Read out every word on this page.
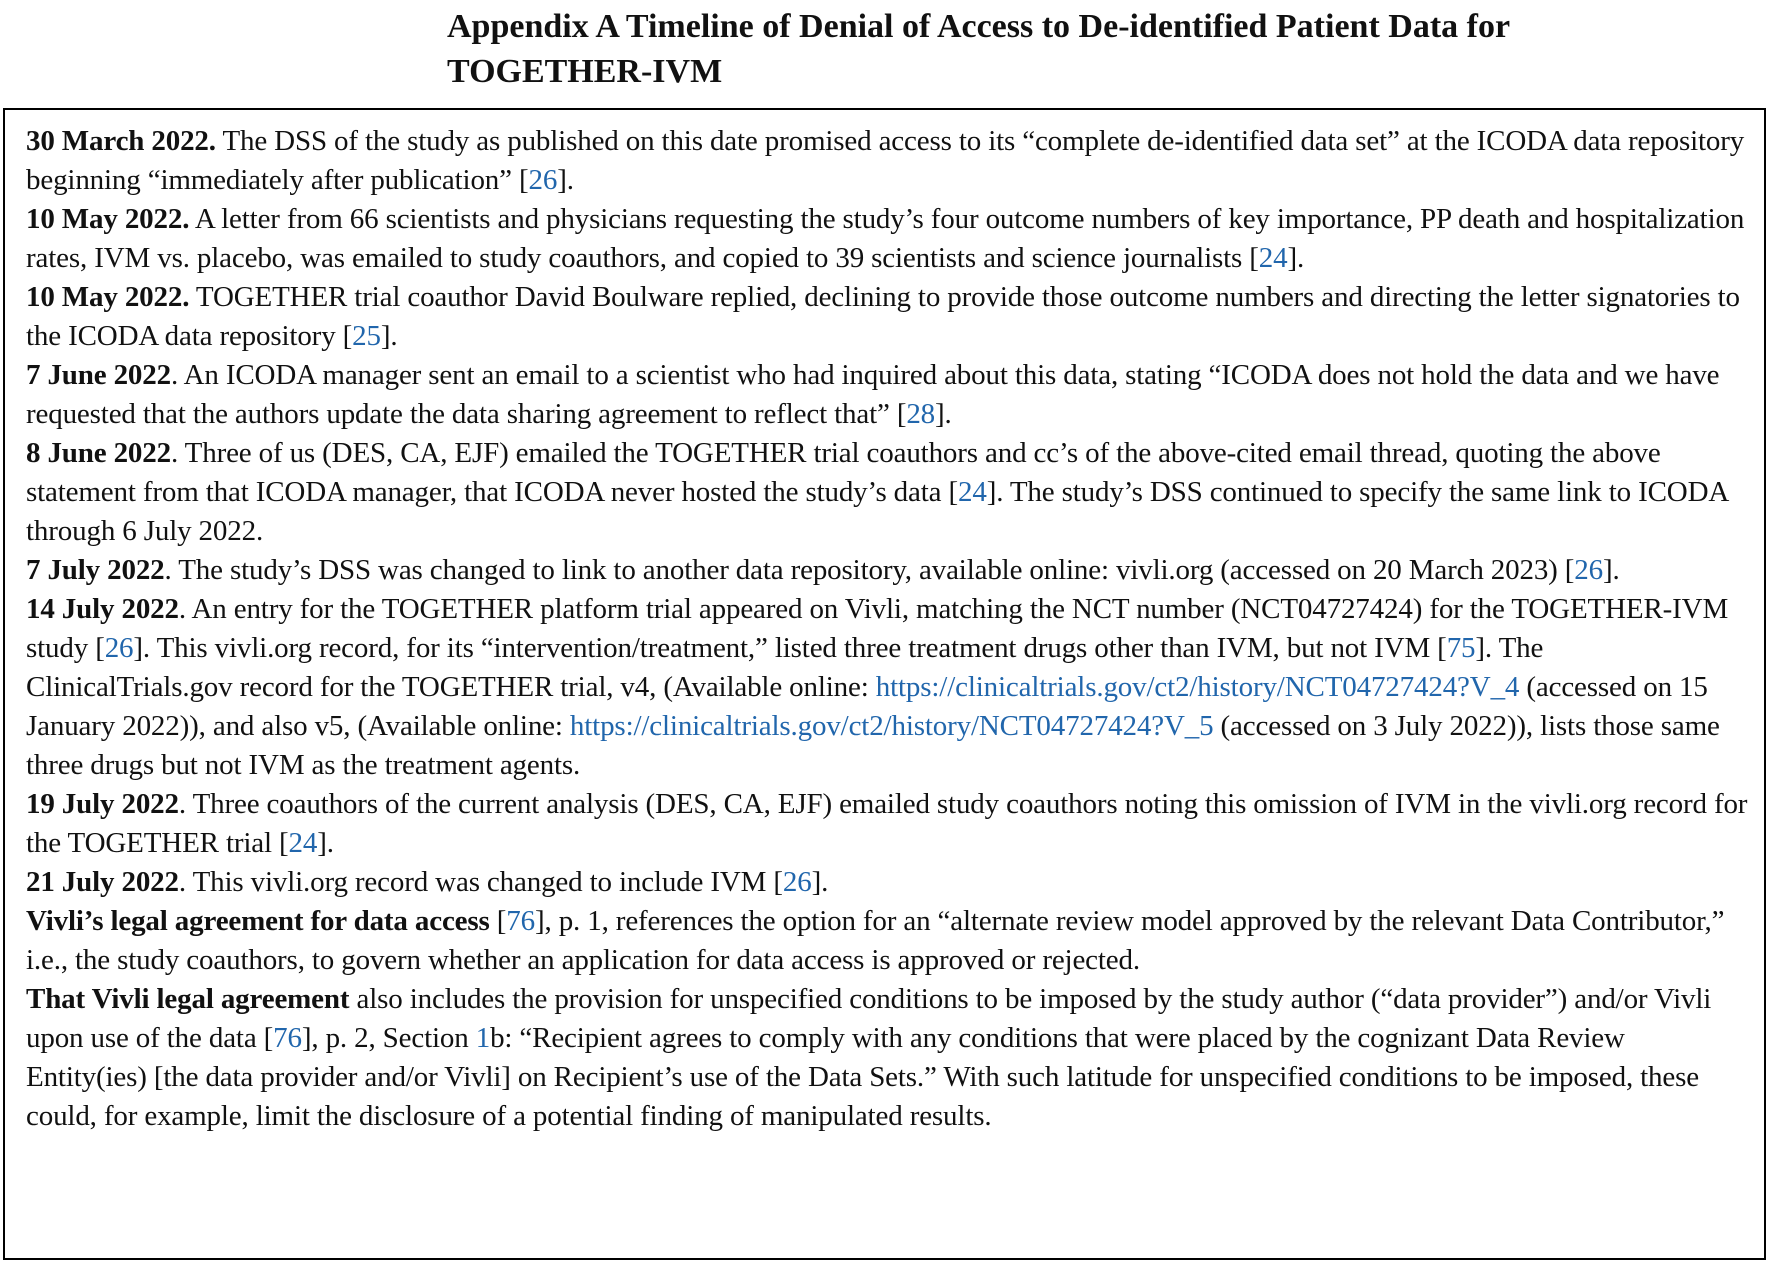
Appendix A Timeline of Denial of Access to De-identified Patient Data for
TOGETHER-IVM

30 March 2022. The DSS of the study as published on this date promised access to its “complete de-identified data set” at the ICODA data repository beginning “immediately after publication” [26].

10 May 2022. A letter from 66 scientists and physicians requesting the study’s four outcome numbers of key importance, PP death and hospitalization rates, IVM vs. placebo, was emailed to study coauthors, and copied to 39 scientists and science journalists [24].

10 May 2022. TOGETHER trial coauthor David Boulware replied, declining to provide those outcome numbers and directing the letter signatories to the ICODA data repository [25].

7 June 2022. An ICODA manager sent an email to a scientist who had inquired about this data, stating “ICODA does not hold the data and we have requested that the authors update the data sharing agreement to reflect that” [28].

8 June 2022. Three of us (DES, CA, EJF) emailed the TOGETHER trial coauthors and cc’s of the above-cited email thread, quoting the above statement from that ICODA manager, that ICODA never hosted the study’s data [24]. The study’s DSS continued to specify the same link to ICODA through 6 July 2022.

7 July 2022. The study’s DSS was changed to link to another data repository, available online: vivli.org (accessed on 20 March 2023) [26].

14 July 2022. An entry for the TOGETHER platform trial appeared on Vivli, matching the NCT number (NCT04727424) for the TOGETHER-IVM study [26]. This vivli.org record, for its “intervention/treatment,” listed three treatment drugs other than IVM, but not IVM [75]. The ClinicalTrials.gov record for the TOGETHER trial, v4, (Available online: https://clinicaltrials.gov/ct2/history/NCT04727424?V_4 (accessed on 15 January 2022)), and also v5, (Available online: https://clinicaltrials.gov/ct2/history/NCT04727424?V_5 (accessed on 3 July 2022)), lists those same three drugs but not IVM as the treatment agents.

19 July 2022. Three coauthors of the current analysis (DES, CA, EJF) emailed study coauthors noting this omission of IVM in the vivli.org record for the TOGETHER trial [24].

21 July 2022. This vivli.org record was changed to include IVM [26].

Vivli’s legal agreement for data access [76], p. 1, references the option for an “alternate review model approved by the relevant Data Contributor,” i.e., the study coauthors, to govern whether an application for data access is approved or rejected.

That Vivli legal agreement also includes the provision for unspecified conditions to be imposed by the study author (“data provider”) and/or Vivli upon use of the data [76], p. 2, Section 1b: “Recipient agrees to comply with any conditions that were placed by the cognizant Data Review Entity(ies) [the data provider and/or Vivli] on Recipient’s use of the Data Sets.” With such latitude for unspecified conditions to be imposed, these could, for example, limit the disclosure of a potential finding of manipulated results.
